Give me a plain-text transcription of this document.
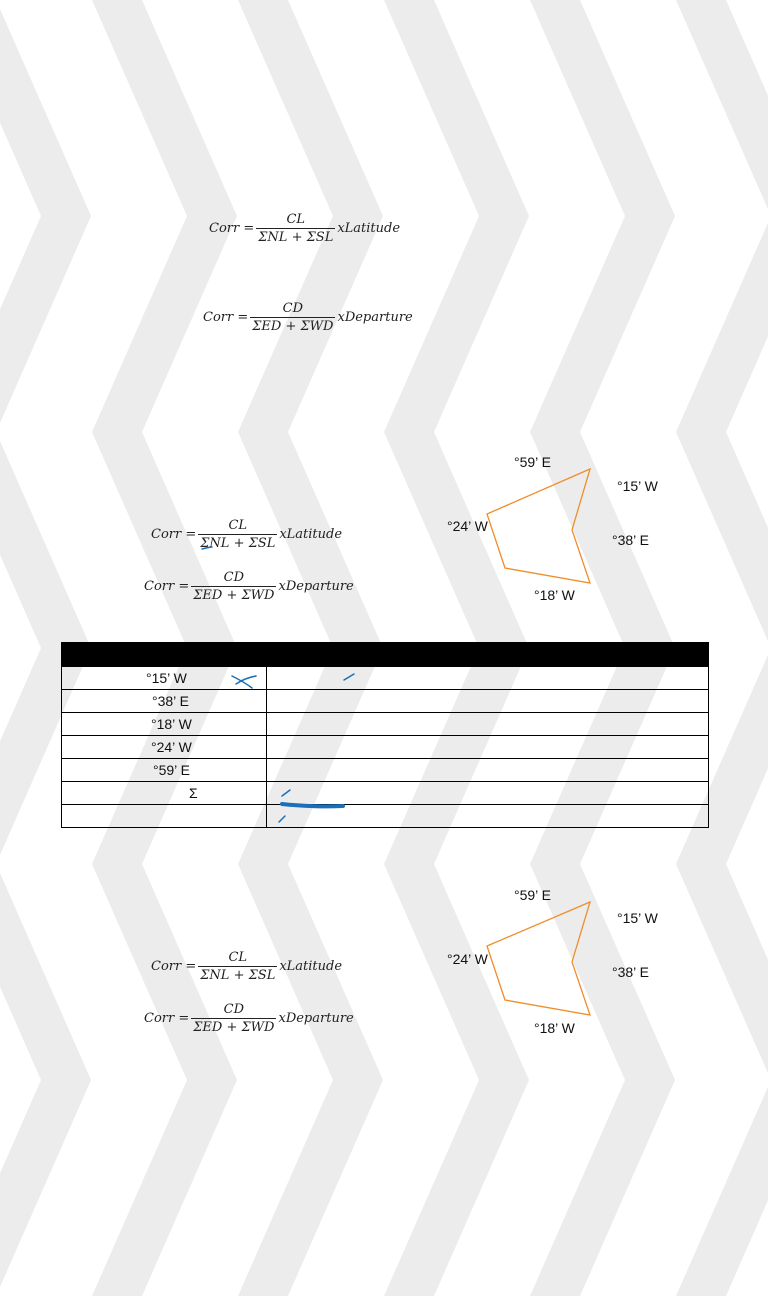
Corr = $\frac{CL}{\text{ΣNL + ΣSL}}$ xLatitude
Corr = $\frac{CD}{\text{ΣED + ΣWD}}$ xDeparture
Corr = $\frac{CL}{\text{ΣNL + ΣSL}}$ xLatitude
Corr = $\frac{CD}{\text{ΣED + ΣWD}}$ xDeparture
°59’ E
°15’ W
°24’ W
°38’ E
°18’ W

°15’ W	
°38’ E	
°18’ W	
°24’ W	
°59’ E	
Σ	

Corr = $\frac{CL}{\text{ΣNL + ΣSL}}$ xLatitude
Corr = $\frac{CD}{\text{ΣED + ΣWD}}$ xDeparture
°59’ E
°15’ W
°24’ W
°38’ E
°18’ W
